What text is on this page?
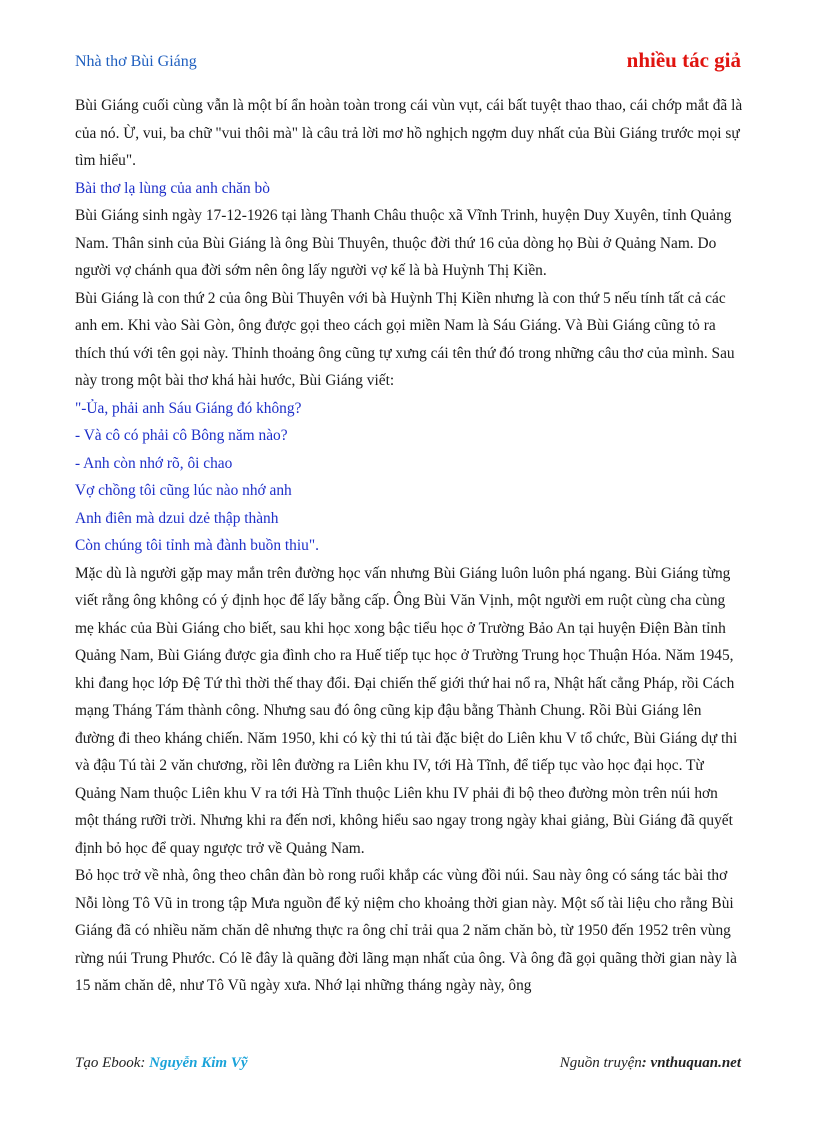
Nhà thơ Bùi Giáng	nhiều tác giả

Bùi Giáng cuối cùng vẫn là một bí ẩn hoàn toàn trong cái vùn vụt, cái bất tuyệt thao thao, cái chớp mắt đã là của nó. Ừ, vui, ba chữ "vui thôi mà" là câu trả lời mơ hồ nghịch ngợm duy nhất của Bùi Giáng trước mọi sự tìm hiểu".

Bài thơ lạ lùng của anh chăn bò

Bùi Giáng sinh ngày 17-12-1926 tại làng Thanh Châu thuộc xã Vĩnh Trinh, huyện Duy Xuyên, tỉnh Quảng Nam. Thân sinh của Bùi Giáng là ông Bùi Thuyên, thuộc đời thứ 16 của dòng họ Bùi ở Quảng Nam. Do người vợ chánh qua đời sớm nên ông lấy người vợ kế là bà Huỳnh Thị Kiền.

Bùi Giáng là con thứ 2 của ông Bùi Thuyên với bà Huỳnh Thị Kiền nhưng là con thứ 5 nếu tính tất cả các anh em. Khi vào Sài Gòn, ông được gọi theo cách gọi miền Nam là Sáu Giáng. Và Bùi Giáng cũng tỏ ra thích thú với tên gọi này. Thỉnh thoảng ông cũng tự xưng cái tên thứ đó trong những câu thơ của mình. Sau này trong một bài thơ khá hài hước, Bùi Giáng viết:

"-Ủa, phải anh Sáu Giáng đó không?

- Và cô có phải cô Bông năm nào?

- Anh còn nhớ rõ, ôi chao

Vợ chồng tôi cũng lúc nào nhớ anh

Anh điên mà dzui dzẻ thập thành

Còn chúng tôi tỉnh mà đành buồn thiu".

Mặc dù là người gặp may mắn trên đường học vấn nhưng Bùi Giáng luôn luôn phá ngang. Bùi Giáng từng viết rằng ông không có ý định học để lấy bằng cấp. Ông Bùi Văn Vịnh, một người em ruột cùng cha cùng mẹ khác của Bùi Giáng cho biết, sau khi học xong bậc tiểu học ở Trường Bảo An tại huyện Điện Bàn tỉnh Quảng Nam, Bùi Giáng được gia đình cho ra Huế tiếp tục học ở Trường Trung học Thuận Hóa. Năm 1945, khi đang học lớp Đệ Tứ thì thời thế thay đổi. Đại chiến thế giới thứ hai nổ ra, Nhật hất cẳng Pháp, rồi Cách mạng Tháng Tám thành công. Nhưng sau đó ông cũng kịp đậu bằng Thành Chung. Rồi Bùi Giáng lên đường đi theo kháng chiến. Năm 1950, khi có kỳ thi tú tài đặc biệt do Liên khu V tổ chức, Bùi Giáng dự thi và đậu Tú tài 2 văn chương, rồi lên đường ra Liên khu IV, tới Hà Tĩnh, để tiếp tục vào học đại học. Từ Quảng Nam thuộc Liên khu V ra tới Hà Tĩnh thuộc Liên khu IV phải đi bộ theo đường mòn trên núi hơn một tháng rưỡi trời. Nhưng khi ra đến nơi, không hiểu sao ngay trong ngày khai giảng, Bùi Giáng đã quyết định bỏ học để quay ngược trở về Quảng Nam.

Bỏ học trở về nhà, ông theo chân đàn bò rong ruổi khắp các vùng đồi núi. Sau này ông có sáng tác bài thơ Nỗi lòng Tô Vũ in trong tập Mưa nguồn để kỷ niệm cho khoảng thời gian này. Một số tài liệu cho rằng Bùi Giáng đã có nhiều năm chăn dê nhưng thực ra ông chỉ trải qua 2 năm chăn bò, từ 1950 đến 1952 trên vùng rừng núi Trung Phước. Có lẽ đây là quãng đời lãng mạn nhất của ông. Và ông đã gọi quãng thời gian này là 15 năm chăn dê, như Tô Vũ ngày xưa. Nhớ lại những tháng ngày này, ông

Tạo Ebook: Nguyễn Kim Vỹ	Nguồn truyện: vnthuquan.net
